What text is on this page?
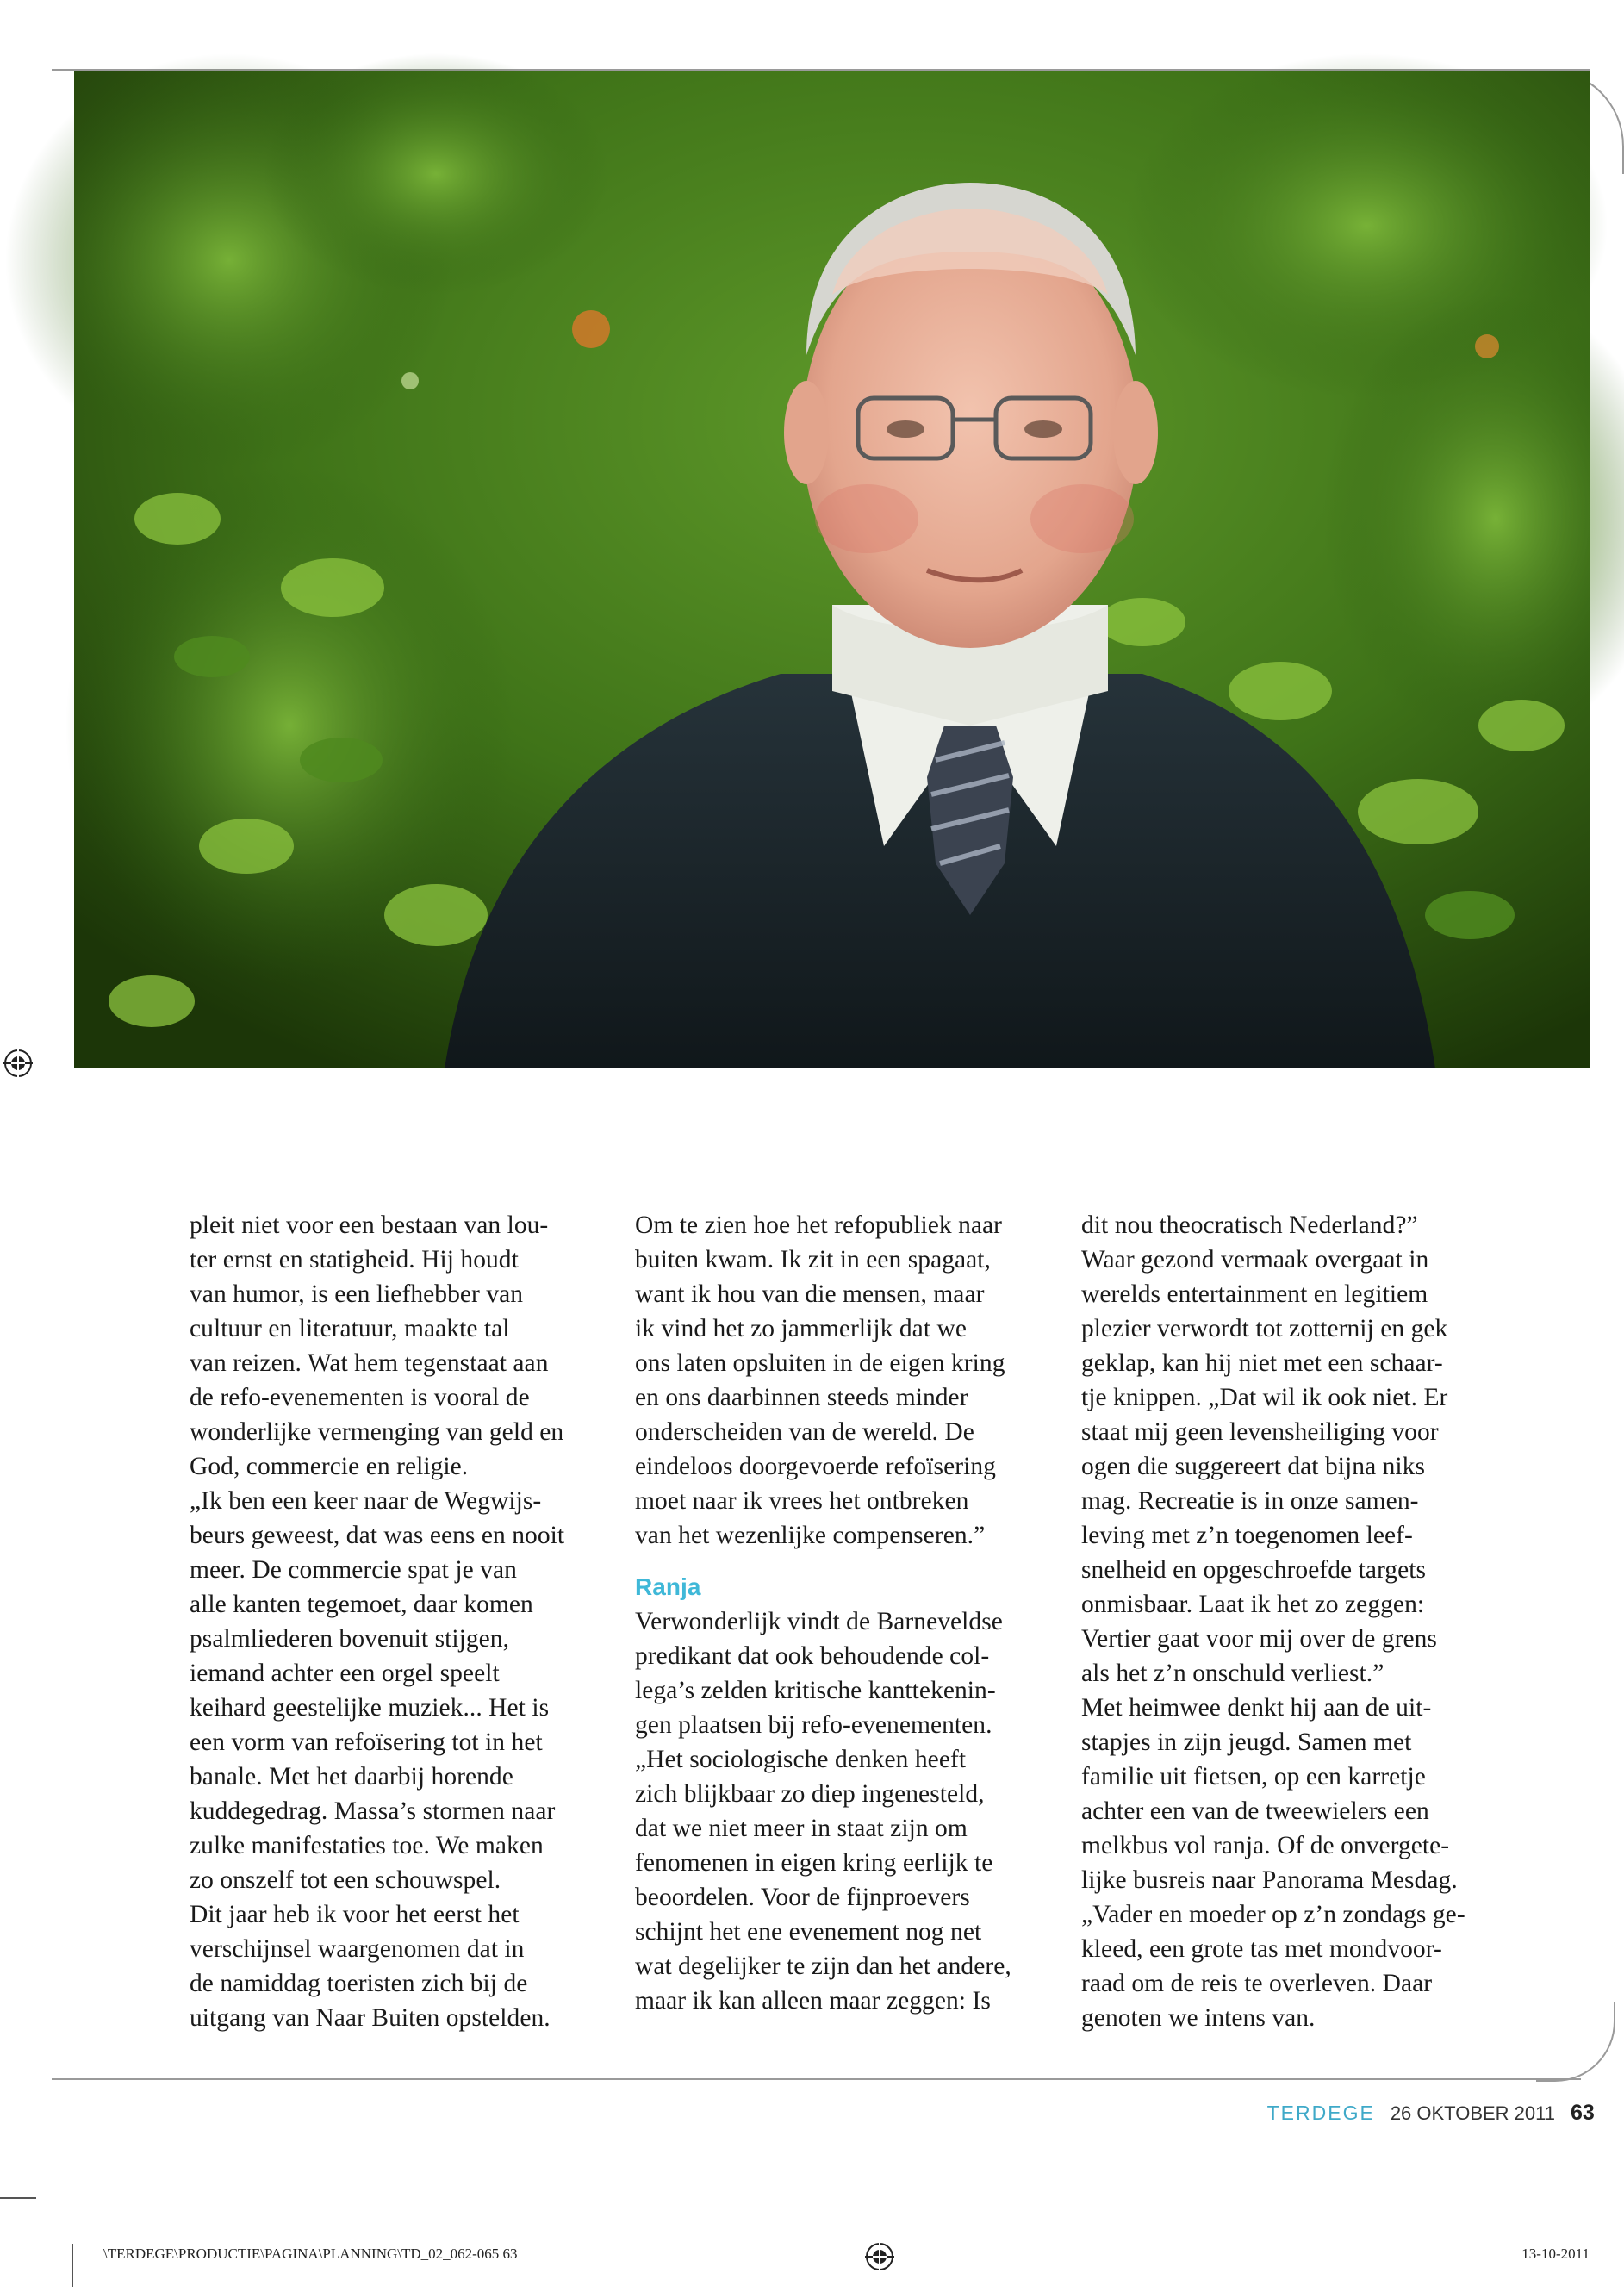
pleit niet voor een bestaan van lou-
ter ernst en statigheid. Hij houdt
van humor, is een liefhebber van
cultuur en literatuur, maakte tal
van reizen. Wat hem tegenstaat aan
de refo-evenementen is vooral de
wonderlijke vermenging van geld en
God, commercie en religie.
„Ik ben een keer naar de Wegwijs-
beurs geweest, dat was eens en nooit
meer. De commercie spat je van
alle kanten tegemoet, daar komen
psalmliederen bovenuit stijgen,
iemand achter een orgel speelt
keihard geestelijke muziek... Het is
een vorm van refoïsering tot in het
banale. Met het daarbij horende
kuddegedrag. Massa’s stormen naar
zulke manifestaties toe. We maken
zo onszelf tot een schouwspel.
Dit jaar heb ik voor het eerst het
verschijnsel waargenomen dat in
de namiddag toeristen zich bij de
uitgang van Naar Buiten opstelden.

Om te zien hoe het refopubliek naar
buiten kwam. Ik zit in een spagaat,
want ik hou van die mensen, maar
ik vind het zo jammerlijk dat we
ons laten opsluiten in de eigen kring
en ons daarbinnen steeds minder
onderscheiden van de wereld. De
eindeloos doorgevoerde refoïsering
moet naar ik vrees het ontbreken
van het wezenlijke compenseren.”

Ranja

Verwonderlijk vindt de Barneveldse
predikant dat ook behoudende col-
lega’s zelden kritische kanttekenin-
gen plaatsen bij refo-evenementen.
„Het sociologische denken heeft
zich blijkbaar zo diep ingenesteld,
dat we niet meer in staat zijn om
fenomenen in eigen kring eerlijk te
beoordelen. Voor de fijnproevers
schijnt het ene evenement nog net
wat degelijker te zijn dan het andere,
maar ik kan alleen maar zeggen: Is

dit nou theocratisch Nederland?”
Waar gezond vermaak overgaat in
werelds entertainment en legitiem
plezier verwordt tot zotternij en gek
geklap, kan hij niet met een schaar-
tje knippen. „Dat wil ik ook niet. Er
staat mij geen levensheiliging voor
ogen die suggereert dat bijna niks
mag. Recreatie is in onze samen-
leving met z’n toegenomen leef-
snelheid en opgeschroefde targets
onmisbaar. Laat ik het zo zeggen:
Vertier gaat voor mij over de grens
als het z’n onschuld verliest.”
Met heimwee denkt hij aan de uit-
stapjes in zijn jeugd. Samen met
familie uit fietsen, op een karretje
achter een van de tweewielers een
melkbus vol ranja. Of de onvergete-
lijke busreis naar Panorama Mesdag.
„Vader en moeder op z’n zondags ge-
kleed, een grote tas met mondvoor-
raad om de reis te overleven. Daar
genoten we intens van.

TERDEGE 26 OKTOBER 2011 63
\TERDEGE\PRODUCTIE\PAGINA\PLANNING\TD_02_062-065 63	13-10-2011
